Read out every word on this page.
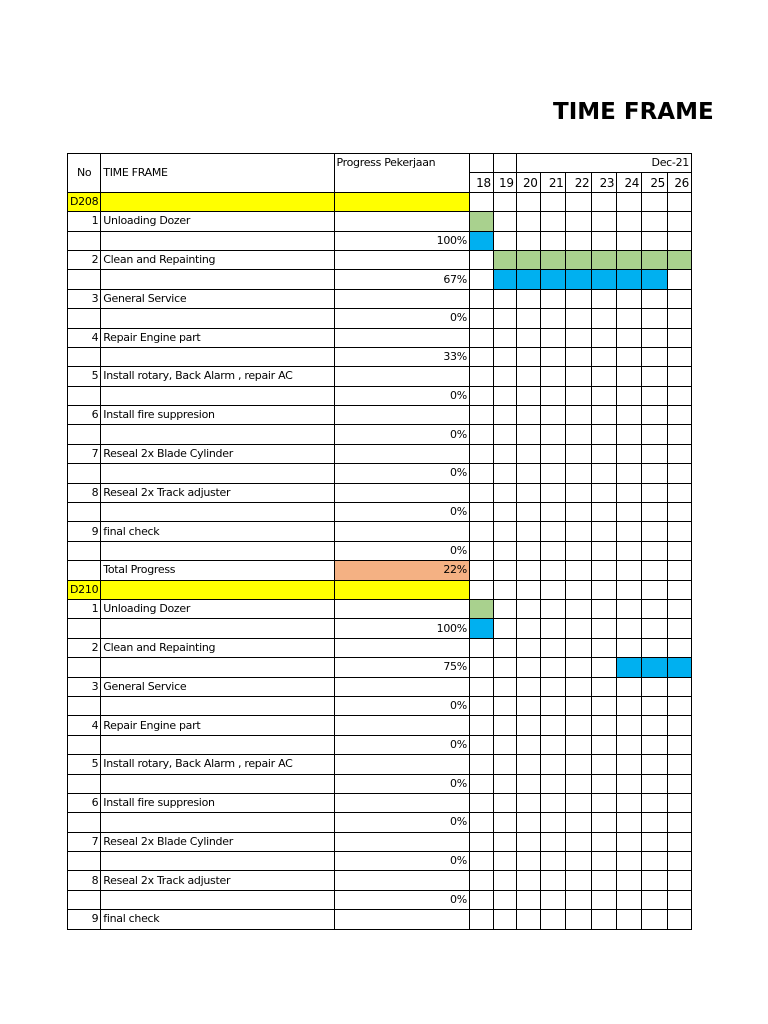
TIME FRAME
No	TIME FRAME	Progress Pekerjaan			Dec-21						
			18	19	20	21	22	23	24	25	26
D208											
1	Unloading Dozer										
		100%									
2	Clean and Repainting										
		67%									
3	General Service										
		0%									
4	Repair Engine part										
		33%									
5	Install rotary, Back Alarm , repair AC										
		0%									
6	Install fire suppresion										
		0%									
7	Reseal 2x Blade Cylinder										
		0%									
8	Reseal 2x Track adjuster										
		0%									
9	final check										
		0%									
	Total Progress	22%									
D210											
1	Unloading Dozer										
		100%									
2	Clean and Repainting										
		75%									
3	General Service										
		0%									
4	Repair Engine part										
		0%									
5	Install rotary, Back Alarm , repair AC										
		0%									
6	Install fire suppresion										
		0%									
7	Reseal 2x Blade Cylinder										
		0%									
8	Reseal 2x Track adjuster										
		0%									
9	final check										
